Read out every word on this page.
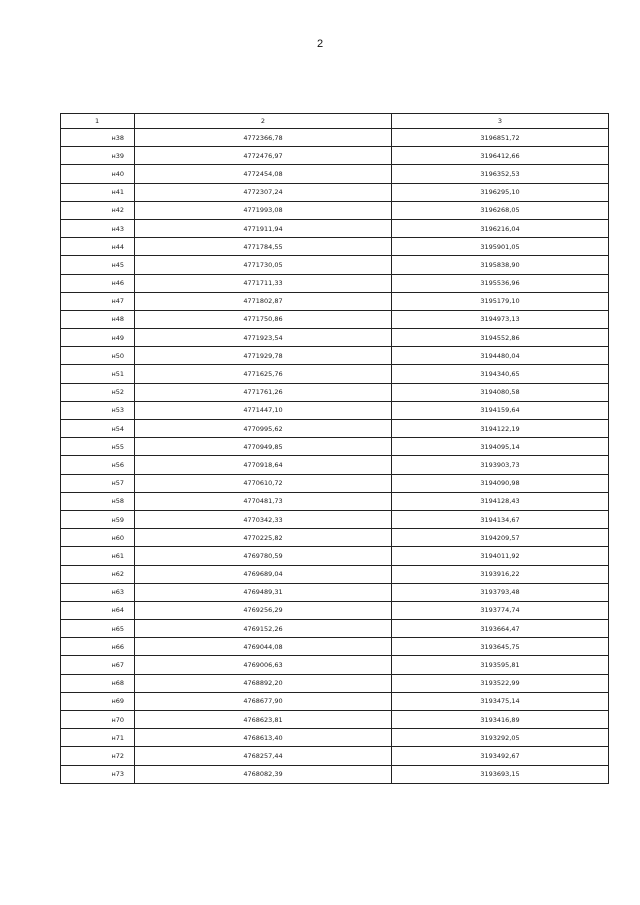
2
1	2	3
н38	4772366,78	3196851,72
н39	4772476,97	3196412,66
н40	4772454,08	3196352,53
н41	4772307,24	3196295,10
н42	4771993,08	3196268,05
н43	4771911,94	3196216,04
н44	4771784,55	3195901,05
н45	4771730,05	3195838,90
н46	4771711,33	3195536,96
н47	4771802,87	3195179,10
н48	4771750,86	3194973,13
н49	4771923,54	3194552,86
н50	4771929,78	3194480,04
н51	4771625,76	3194340,65
н52	4771761,26	3194080,58
н53	4771447,10	3194159,64
н54	4770995,62	3194122,19
н55	4770949,85	3194095,14
н56	4770918,64	3193903,73
н57	4770610,72	3194090,98
н58	4770481,73	3194128,43
н59	4770342,33	3194134,67
н60	4770225,82	3194209,57
н61	4769780,59	3194011,92
н62	4769689,04	3193916,22
н63	4769489,31	3193793,48
н64	4769256,29	3193774,74
н65	4769152,26	3193664,47
н66	4769044,08	3193645,75
н67	4769006,63	3193595,81
н68	4768892,20	3193522,99
н69	4768677,90	3193475,14
н70	4768623,81	3193416,89
н71	4768613,40	3193292,05
н72	4768257,44	3193492,67
н73	4768082,39	3193693,15
